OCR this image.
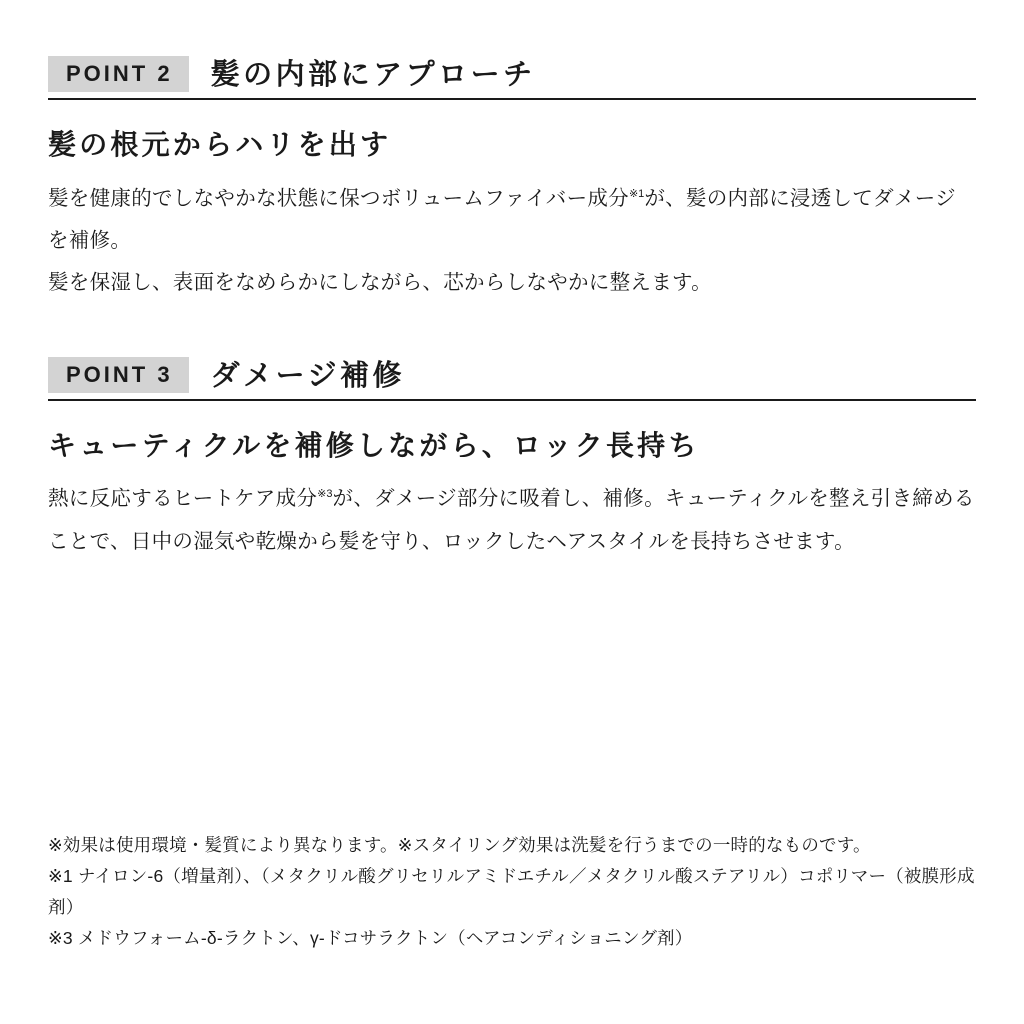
POINT 2	髪の内部にアプローチ
髪の根元からハリを出す

髪を健康的でしなやかな状態に保つボリュームファイバー成分$^{※1}$が、髪の内部に浸透してダメージを補修。

髪を保湿し、表面をなめらかにしながら、芯からしなやかに整えます。

POINT 3	ダメージ補修
キューティクルを補修しながら、ロック長持ち

熱に反応するヒートケア成分$^{※3}$が、ダメージ部分に吸着し、補修。キューティクルを整え引き締めることで、日中の湿気や乾燥から髪を守り、ロックしたヘアスタイルを長持ちさせます。

※効果は使用環境・髪質により異なります。※スタイリング効果は洗髪を行うまでの一時的なものです。

※1 ナイロン-6（増量剤）、（メタクリル酸グリセリルアミドエチル／メタクリル酸ステアリル）コポリマー（被膜形成剤）

※3 メドウフォーム-δ-ラクトン、γ-ドコサラクトン（ヘアコンディショニング剤）
